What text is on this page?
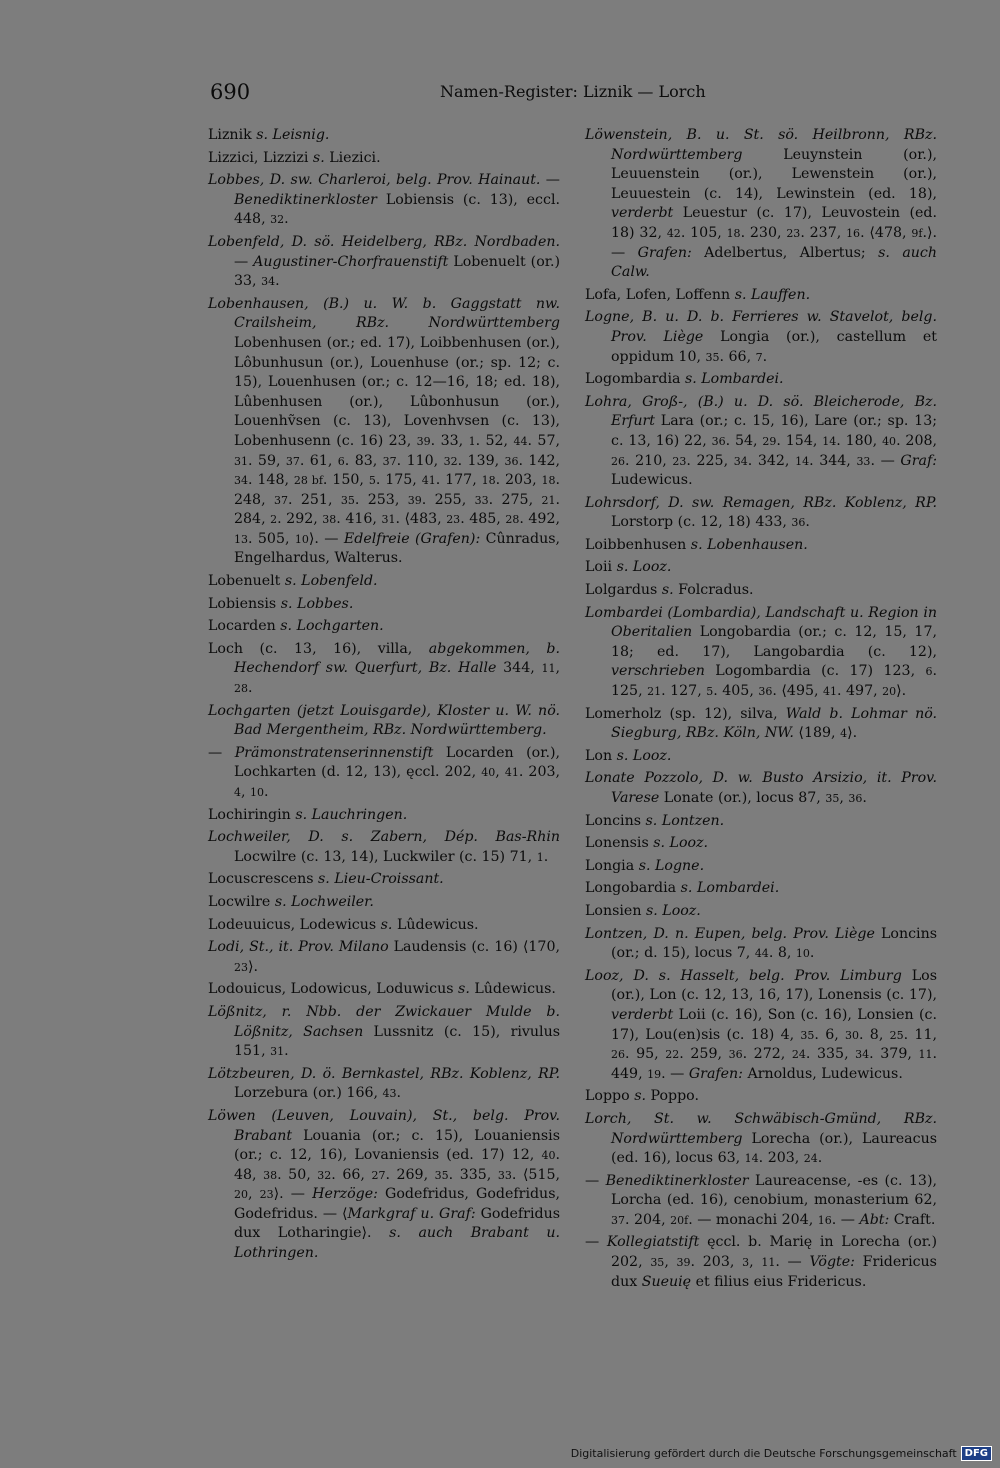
690	Namen-Register: Liznik — Lorch

Liznik s. Leisnig.

Lizzici, Lizzizi s. Liezici.

Lobbes, D. sw. Charleroi, belg. Prov. Hainaut. — Benediktinerkloster Lobiensis (c. 13), eccl. 448, 32.

Lobenfeld, D. sö. Heidelberg, RBz. Nordbaden. — Augustiner-Chorfrauenstift Lobenuelt (or.) 33, 34.

Lobenhausen, (B.) u. W. b. Gaggstatt nw. Crailsheim, RBz. Nordwürttemberg Lobenhusen (or.; ed. 17), Loibbenhusen (or.), Lôbunhusun (or.), Louenhuse (or.; sp. 12; c. 15), Louenhusen (or.; c. 12—16, 18; ed. 18), Lûbenhusen (or.), Lûbonhusun (or.), Louenhṽsen (c. 13), Lovenhvsen (c. 13), Lobenhusenn (c. 16) 23, 39. 33, 1. 52, 44. 57, 31. 59, 37. 61, 6. 83, 37. 110, 32. 139, 36. 142, 34. 148, 28 bf. 150, 5. 175, 41. 177, 18. 203, 18. 248, 37. 251, 35. 253, 39. 255, 33. 275, 21. 284, 2. 292, 38. 416, 31. ⟨483, 23. 485, 28. 492, 13. 505, 10⟩. — Edelfreie (Grafen): Cûnradus, Engelhardus, Walterus.

Lobenuelt s. Lobenfeld.

Lobiensis s. Lobbes.

Locarden s. Lochgarten.

Loch (c. 13, 16), villa, abgekommen, b. Hechendorf sw. Querfurt, Bz. Halle 344, 11, 28.

Lochgarten (jetzt Louisgarde), Kloster u. W. nö. Bad Mergentheim, RBz. Nordwürttemberg.

— Prämonstratenserinnenstift Locarden (or.), Lochkarten (d. 12, 13), ęccl. 202, 40, 41. 203, 4, 10.

Lochiringin s. Lauchringen.

Lochweiler, D. s. Zabern, Dép. Bas-Rhin Locwilre (c. 13, 14), Luckwiler (c. 15) 71, 1.

Locuscrescens s. Lieu-Croissant.

Locwilre s. Lochweiler.

Lodeuuicus, Lodewicus s. Lûdewicus.

Lodi, St., it. Prov. Milano Laudensis (c. 16) ⟨170, 23⟩.

Lodouicus, Lodowicus, Loduwicus s. Lûdewicus.

Lößnitz, r. Nbb. der Zwickauer Mulde b. Lößnitz, Sachsen Lussnitz (c. 15), rivulus 151, 31.

Lötzbeuren, D. ö. Bernkastel, RBz. Koblenz, RP. Lorzebura (or.) 166, 43.

Löwen (Leuven, Louvain), St., belg. Prov. Brabant Louania (or.; c. 15), Louaniensis (or.; c. 12, 16), Lovaniensis (ed. 17) 12, 40. 48, 38. 50, 32. 66, 27. 269, 35. 335, 33. ⟨515, 20, 23⟩. — Herzöge: Godefridus, Godefridus, Godefridus. — ⟨Markgraf u. Graf: Godefridus dux Lotharingie⟩. s. auch Brabant u. Lothringen.

Löwenstein, B. u. St. sö. Heilbronn, RBz. Nordwürttemberg Leuynstein (or.), Leuuenstein (or.), Lewenstein (or.), Leuuestein (c. 14), Lewinstein (ed. 18), verderbt Leuestur (c. 17), Leuvostein (ed. 18) 32, 42. 105, 18. 230, 23. 237, 16. ⟨478, 9f.⟩. — Grafen: Adelbertus, Albertus; s. auch Calw.

Lofa, Lofen, Loffenn s. Lauffen.

Logne, B. u. D. b. Ferrieres w. Stavelot, belg. Prov. Liège Longia (or.), castellum et oppidum 10, 35. 66, 7.

Logombardia s. Lombardei.

Lohra, Groß-, (B.) u. D. sö. Bleicherode, Bz. Erfurt Lara (or.; c. 15, 16), Lare (or.; sp. 13; c. 13, 16) 22, 36. 54, 29. 154, 14. 180, 40. 208, 26. 210, 23. 225, 34. 342, 14. 344, 33. — Graf: Ludewicus.

Lohrsdorf, D. sw. Remagen, RBz. Koblenz, RP. Lorstorp (c. 12, 18) 433, 36.

Loibbenhusen s. Lobenhausen.

Loii s. Looz.

Lolgardus s. Folcradus.

Lombardei (Lombardia), Landschaft u. Region in Oberitalien Longobardia (or.; c. 12, 15, 17, 18; ed. 17), Langobardia (c. 12), verschrieben Logombardia (c. 17) 123, 6. 125, 21. 127, 5. 405, 36. ⟨495, 41. 497, 20⟩.

Lomerholz (sp. 12), silva, Wald b. Lohmar nö. Siegburg, RBz. Köln, NW. ⟨189, 4⟩.

Lon s. Looz.

Lonate Pozzolo, D. w. Busto Arsizio, it. Prov. Varese Lonate (or.), locus 87, 35, 36.

Loncins s. Lontzen.

Lonensis s. Looz.

Longia s. Logne.

Longobardia s. Lombardei.

Lonsien s. Looz.

Lontzen, D. n. Eupen, belg. Prov. Liège Loncins (or.; d. 15), locus 7, 44. 8, 10.

Looz, D. s. Hasselt, belg. Prov. Limburg Los (or.), Lon (c. 12, 13, 16, 17), Lonensis (c. 17), verderbt Loii (c. 16), Son (c. 16), Lonsien (c. 17), Lou(en)sis (c. 18) 4, 35. 6, 30. 8, 25. 11, 26. 95, 22. 259, 36. 272, 24. 335, 34. 379, 11. 449, 19. — Grafen: Arnoldus, Ludewicus.

Loppo s. Poppo.

Lorch, St. w. Schwäbisch-Gmünd, RBz. Nordwürttemberg Lorecha (or.), Laureacus (ed. 16), locus 63, 14. 203, 24.

— Benediktinerkloster Laureacense, -es (c. 13), Lorcha (ed. 16), cenobium, monasterium 62, 37. 204, 20f. — monachi 204, 16. — Abt: Craft.

— Kollegiatstift ęccl. b. Marię in Lorecha (or.) 202, 35, 39. 203, 3, 11. — Vögte: Fridericus dux Sueuię et filius eius Fridericus.

Digitalisierung gefördert durch die Deutsche Forschungsgemeinschaft DFG
